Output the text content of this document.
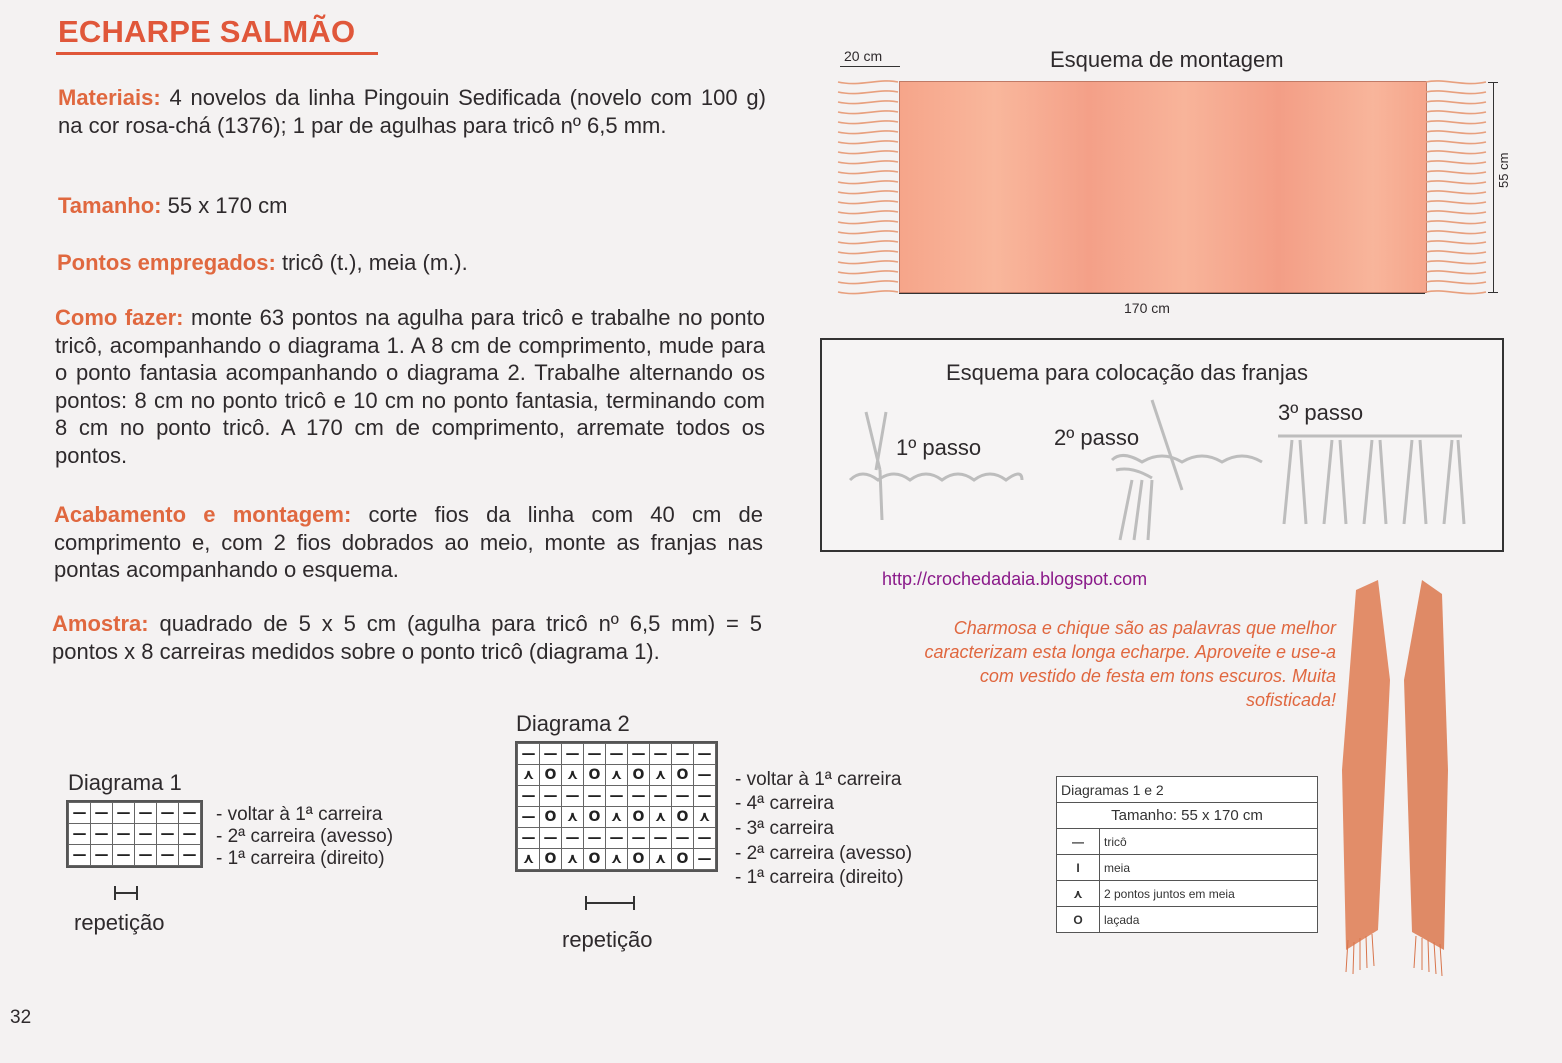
ECHARPE SALMÃO
Materiais: 4 novelos da linha Pingouin Sedificada (novelo com 100 g) na cor rosa-chá (1376); 1 par de agulhas para tricô nº 6,5 mm.
Tamanho: 55 x 170 cm
Pontos empregados: tricô (t.), meia (m.).
Como fazer: monte 63 pontos na agulha para tricô e trabalhe no ponto tricô, acompanhando o diagrama 1. A 8 cm de comprimento, mude para o ponto fantasia acompanhando o diagrama 2. Trabalhe alternando os pontos: 8 cm no ponto tricô e 10 cm no ponto fantasia, terminando com 8 cm no ponto tricô. A 170 cm de comprimento, arremate todos os pontos.
Acabamento e montagem: corte fios da linha com 40 cm de comprimento e, com 2 fios dobrados ao meio, monte as franjas nas pontas acompanhando o esquema.
Amostra: quadrado de 5 x 5 cm (agulha para tricô nº 6,5 mm) = 5 pontos x 8 carreiras medidos sobre o ponto tricô (diagrama 1).
Diagrama 1
—	—	—	—	—	—
—	—	—	—	—	—
—	—	—	—	—	—
- voltar à 1ª carreira
- 2ª carreira (avesso)
- 1ª carreira (direito)
repetição
Diagrama 2
—	—	—	—	—	—	—	—	—
⋏	O	⋏	O	⋏	O	⋏	O	—
—	—	—	—	—	—	—	—	—
—	O	⋏	O	⋏	O	⋏	O	⋏
—	—	—	—	—	—	—	—	—
⋏	O	⋏	O	⋏	O	⋏	O	—
- voltar à 1ª carreira
- 4ª carreira
- 3ª carreira
- 2ª carreira (avesso)
- 1ª carreira (direito)
repetição
Esquema de montagem
20 cm
55 cm
170 cm
Esquema para colocação das franjas
1º passo	2º passo
3º passo
http://crochedadaia.blogspot.com
Charmosa e chique são as palavras que melhor caracterizam esta longa echarpe. Aproveite e use-a com vestido de festa em tons escuros. Muita sofisticada!
Diagramas 1 e 2	
Tamanho: 55 x 170 cm	
—	tricô
I	meia
⋏	2 pontos juntos em meia
O	laçada
32
